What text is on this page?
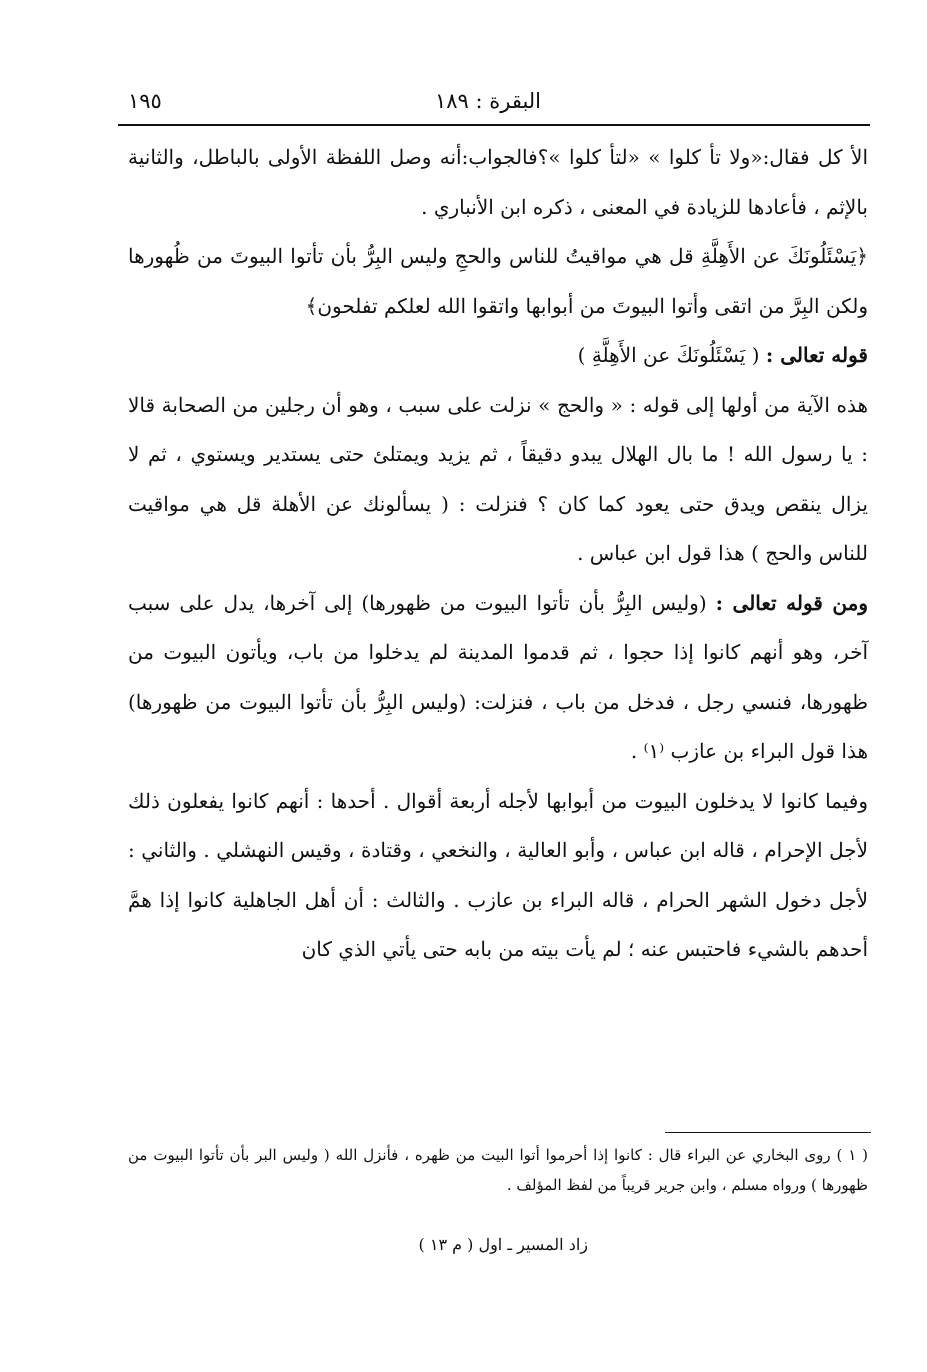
البقرة : ١٨٩
١٩٥

الأ كل فقال:«ولا تأ كلوا » «لتأ كلوا »؟فالجواب:أنه وصل اللفظة الأولى بالباطل، والثانية بالإثم ، فأعادها للزيادة في المعنى ، ذكره ابن الأنباري .

﴿يَسْئَلُونَكَ عن الأَهِلَّةِ قل هي مواقيتُ للناس والحجِ وليس البِرُّ بأن تأتوا البيوتَ من ظُهورها ولكن البِرَّ من اتقى وأتوا البيوتَ من أبوابها واتقوا الله لعلكم تفلحون﴾

قوله تعالى : ( يَسْئَلُونَكَ عن الأَهِلَّةِ )

هذه الآية من أولها إلى قوله : « والحج » نزلت على سبب ، وهو أن رجلين من الصحابة قالا : يا رسول الله ! ما بال الهلال يبدو دقيقاً ، ثم يزيد ويمتلئ حتى يستدير ويستوي ، ثم لا يزال ينقص ويدق حتى يعود كما كان ؟ فنزلت : ( يسألونك عن الأهلة قل هي مواقيت للناس والحج ) هذا قول ابن عباس .

ومن قوله تعالى : (وليس البِرُّ بأن تأتوا البيوت من ظهورها) إلى آخرها، يدل على سبب آخر، وهو أنهم كانوا إذا حجوا ، ثم قدموا المدينة لم يدخلوا من باب، ويأتون البيوت من ظهورها، فنسي رجل ، فدخل من باب ، فنزلت: (وليس البِرُّ بأن تأتوا البيوت من ظهورها) هذا قول البراء بن عازب ⁽١⁾ .

وفيما كانوا لا يدخلون البيوت من أبوابها لأجله أربعة أقوال . أحدها : أنهم كانوا يفعلون ذلك لأجل الإحرام ، قاله ابن عباس ، وأبو العالية ، والنخعي ، وقتادة ، وقيس النهشلي . والثاني : لأجل دخول الشهر الحرام ، قاله البراء بن عازب . والثالث : أن أهل الجاهلية كانوا إذا همَّ أحدهم بالشيء فاحتبس عنه ؛ لم يأت بيته من بابه حتى يأتي الذي كان

( ١ ) روى البخاري عن البراء قال : كانوا إذا أحرموا أتوا البيت من ظهره ، فأنزل الله ( وليس البر بأن تأتوا البيوت من ظهورها ) ورواه مسلم ، وابن جرير قريباً من لفظ المؤلف .

زاد المسير ـ اول ( م ١٣ )
